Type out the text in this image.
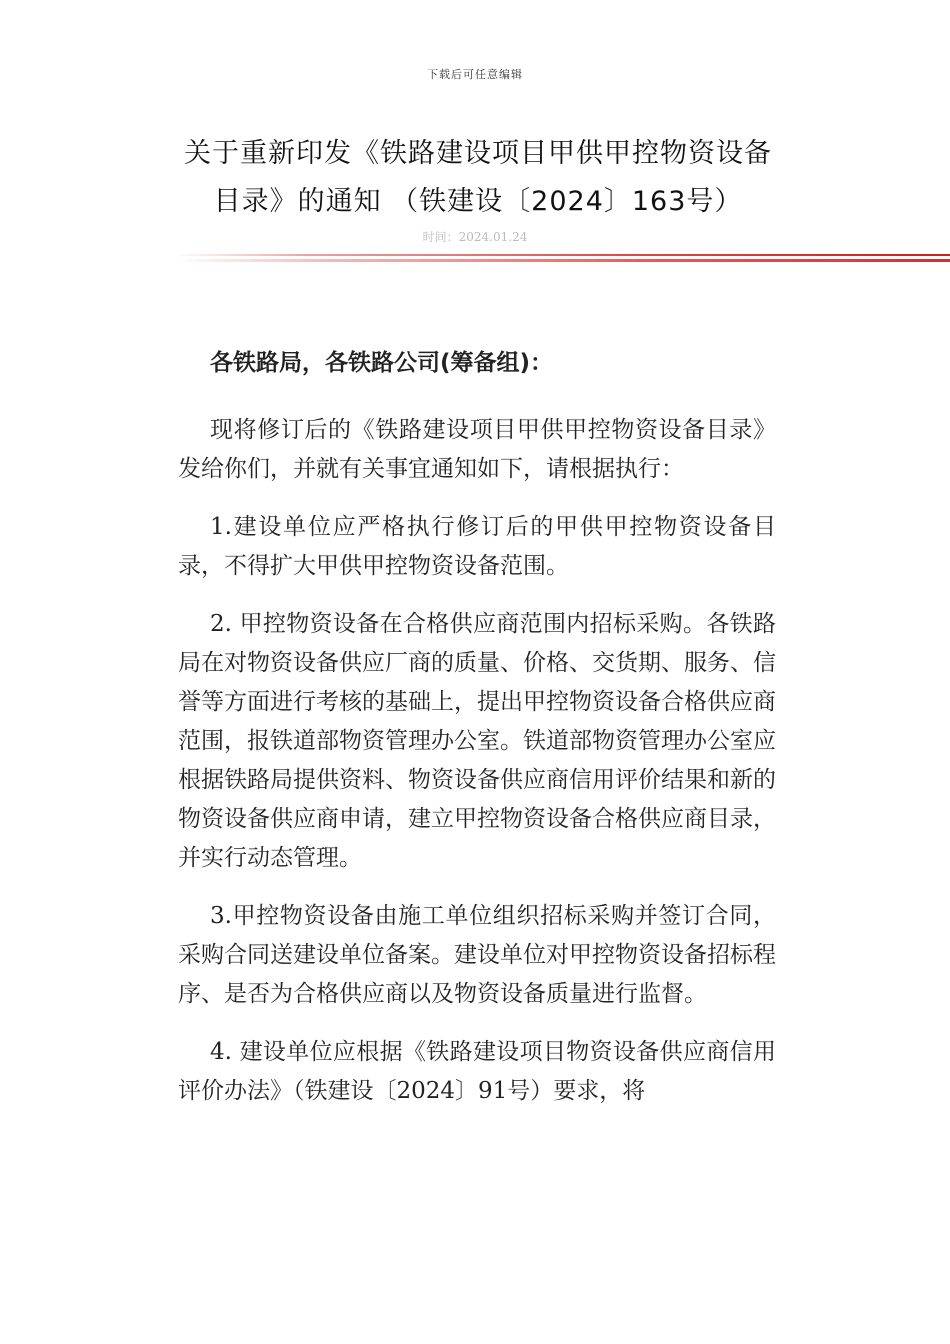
下载后可任意编辑
关于重新印发《铁路建设项目甲供甲控物资设备目录》的通知 （铁建设〔2024〕163号）
时间：2024.01.24

各铁路局，各铁路公司(筹备组)：

现将修订后的《铁路建设项目甲供甲控物资设备目录》发给你们，并就有关事宜通知如下，请根据执行：

1.建设单位应严格执行修订后的甲供甲控物资设备目录，不得扩大甲供甲控物资设备范围。

2. 甲控物资设备在合格供应商范围内招标采购。各铁路局在对物资设备供应厂商的质量、价格、交货期、服务、信誉等方面进行考核的基础上，提出甲控物资设备合格供应商范围，报铁道部物资管理办公室。铁道部物资管理办公室应根据铁路局提供资料、物资设备供应商信用评价结果和新的物资设备供应商申请，建立甲控物资设备合格供应商目录，并实行动态管理。

3.甲控物资设备由施工单位组织招标采购并签订合同，采购合同送建设单位备案。建设单位对甲控物资设备招标程序、是否为合格供应商以及物资设备质量进行监督。

4. 建设单位应根据《铁路建设项目物资设备供应商信用评价办法》（铁建设〔2024〕91号）要求，将
